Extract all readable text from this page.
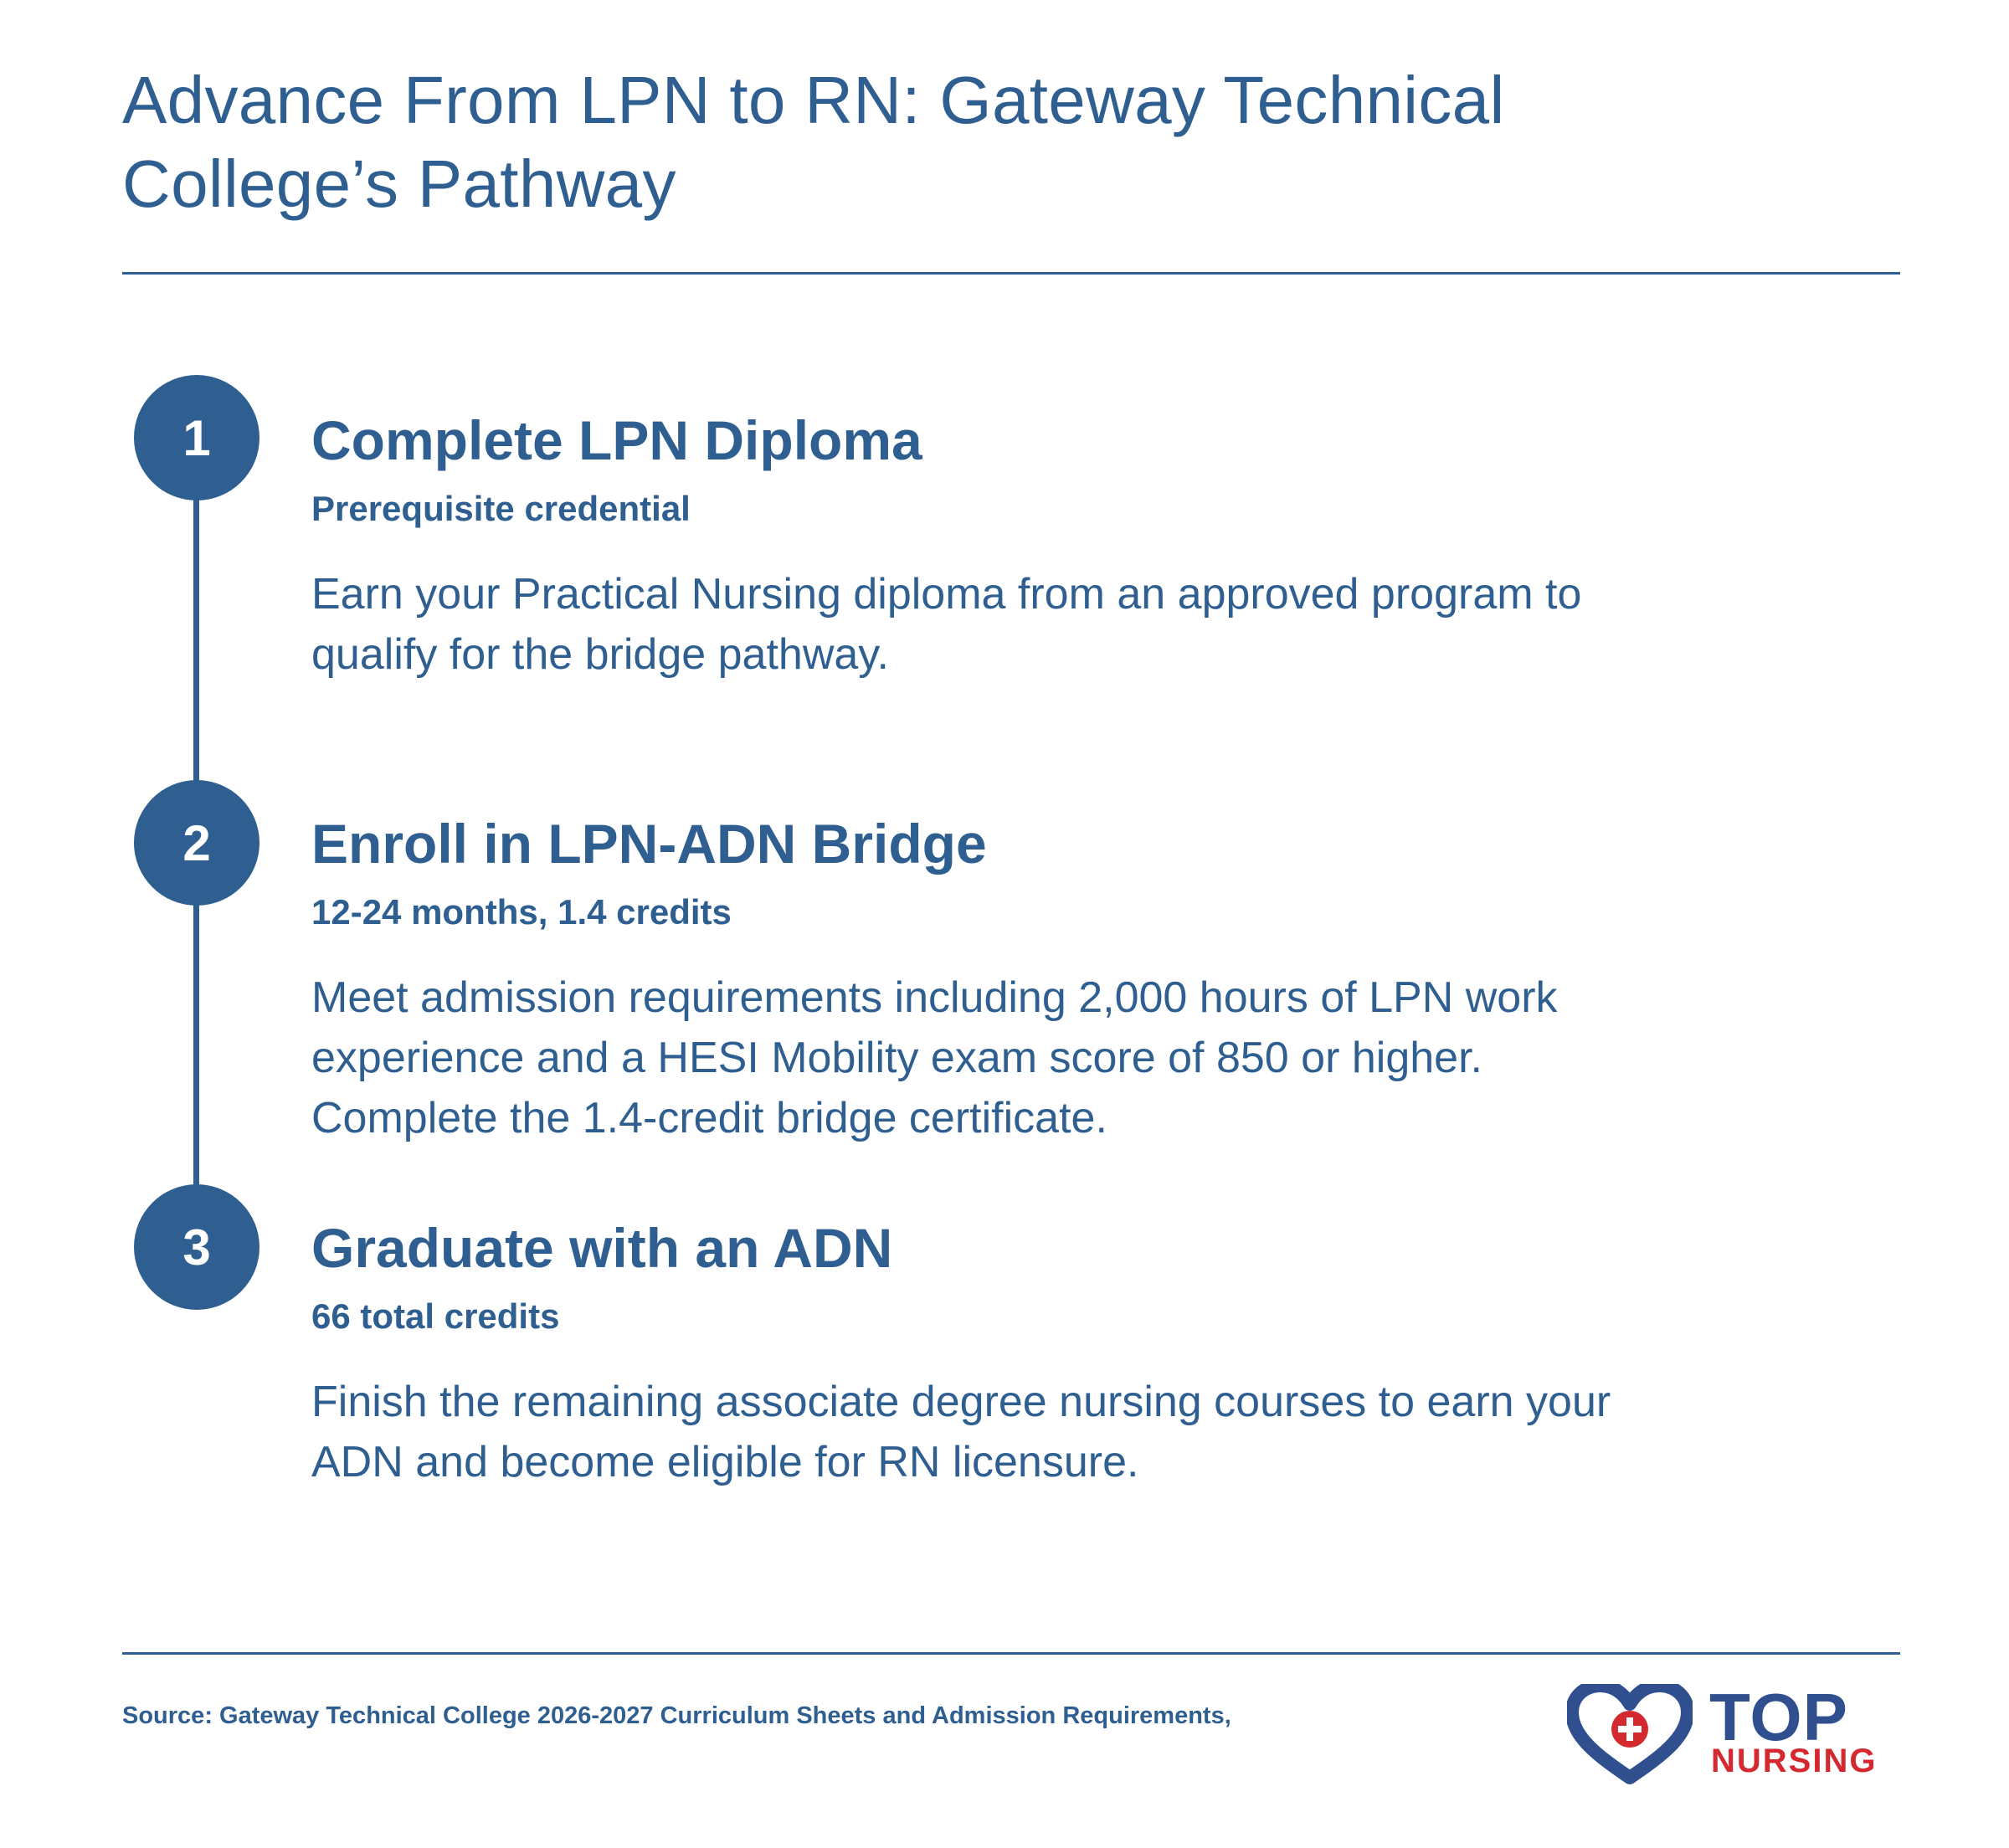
Advance From LPN to RN: Gateway Technical College’s Pathway
1 Complete LPN Diploma

Prerequisite credential

Earn your Practical Nursing diploma from an approved program to qualify for the bridge pathway.

2 Enroll in LPN-ADN Bridge

12-24 months, 1.4 credits

Meet admission requirements including 2,000 hours of LPN work experience and a HESI Mobility exam score of 850 or higher. Complete the 1.4-credit bridge certificate.

3 Graduate with an ADN

66 total credits

Finish the remaining associate degree nursing courses to earn your ADN and become eligible for RN licensure.

Source: Gateway Technical College 2026-2027 Curriculum Sheets and Admission Requirements,	TOP
NURSING
